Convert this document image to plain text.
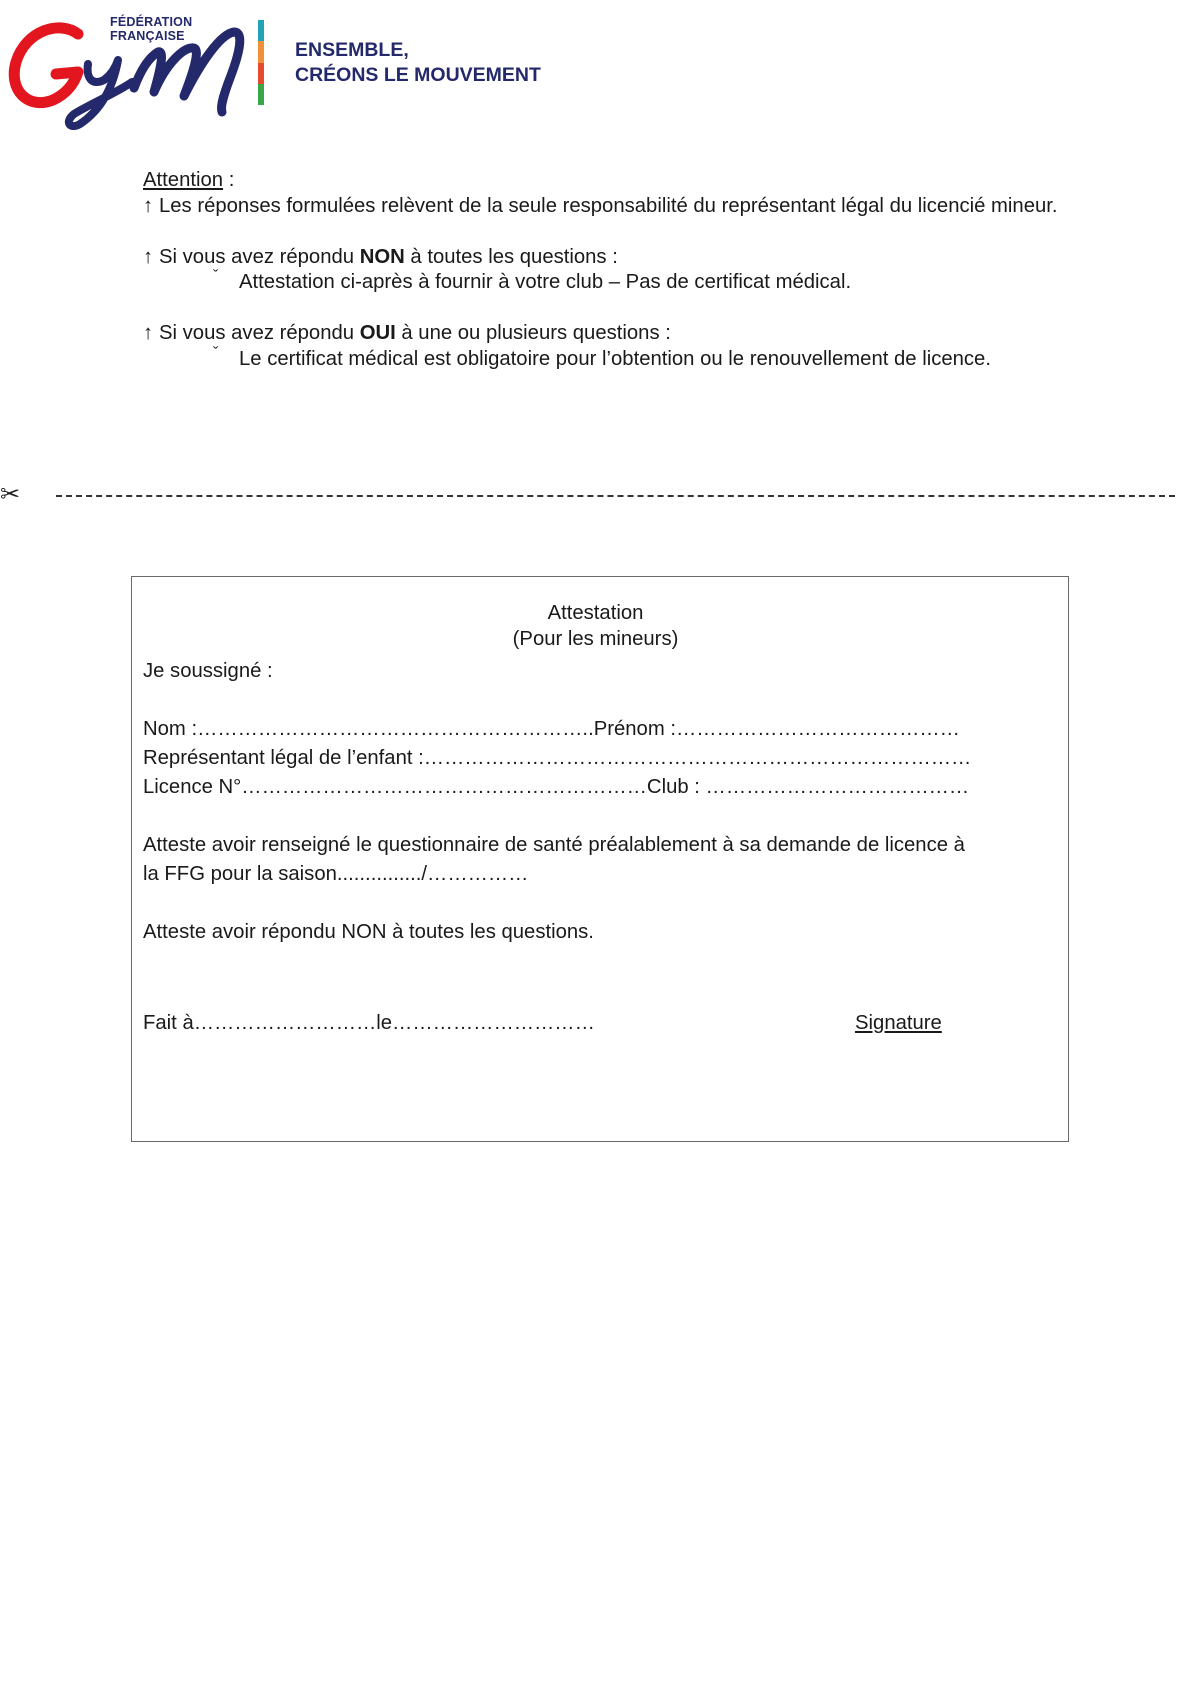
FÉDÉRATION
FRANÇAISE

ENSEMBLE,
CRÉONS LE MOUVEMENT

Attention :

↑ Les réponses formulées relèvent de la seule responsabilité du représentant légal du licencié mineur.

↑ Si vous avez répondu NON à toutes les questions :

ˇ Attestation ci-après à fournir à votre club – Pas de certificat médical.

↑ Si vous avez répondu OUI à une ou plusieurs questions :

ˇ Le certificat médical est obligatoire pour l’obtention ou le renouvellement de licence.

✂
Attestation
(Pour les mineurs)
Je soussigné :
Nom :…………………………………………………..Prénom :……………………………………
Représentant légal de l’enfant :………………………………………………………………………
Licence N°……………………………………………………Club : …………………………………
Atteste avoir renseigné le questionnaire de santé préalablement à sa demande de licence à
la FFG pour la saison.............../……………
Atteste avoir répondu NON à toutes les questions.
Fait à………………………le…………………………	Signature
